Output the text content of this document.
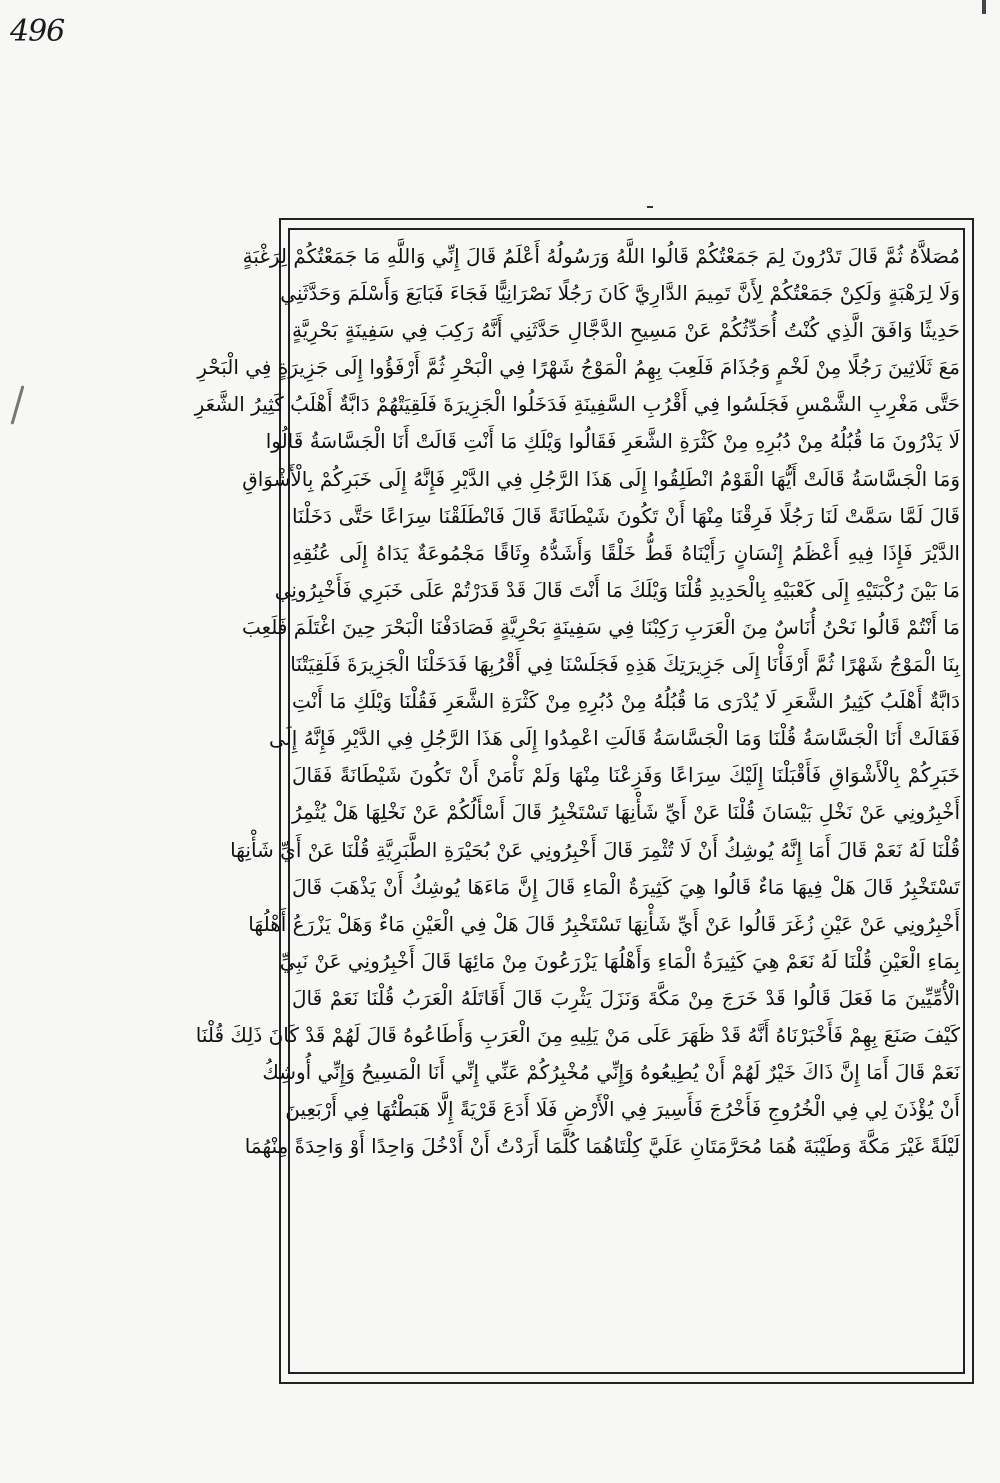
496
مُصَلاَّهُ ثُمَّ قَالَ تَدْرُونَ لِمَ جَمَعْتُكُمْ قَالُوا اللَّهُ وَرَسُولُهُ أَعْلَمُ قَالَ إِنِّي وَاللَّهِ مَا جَمَعْتُكُمْ لِرَغْبَةٍ
وَلَا لِرَهْبَةٍ وَلَكِنْ جَمَعْتُكُمْ لِأَنَّ تَمِيمَ الدَّارِيَّ كَانَ رَجُلًا نَصْرَانِيًّا فَجَاءَ فَبَايَعَ وَأَسْلَمَ وَحَدَّثَنِي
حَدِيثًا وَافَقَ الَّذِي كُنْتُ أُحَدِّثُكُمْ عَنْ مَسِيحِ الدَّجَّالِ حَدَّثَنِي أَنَّهُ رَكِبَ فِي سَفِينَةٍ بَحْرِيَّةٍ
مَعَ ثَلَاثِينَ رَجُلًا مِنْ لَخْمٍ وَجُذَامَ فَلَعِبَ بِهِمُ الْمَوْجُ شَهْرًا فِي الْبَحْرِ ثُمَّ أَرْفَؤُوا إِلَى جَزِيرَةٍ فِي الْبَحْرِ
حَتَّى مَغْرِبِ الشَّمْسِ فَجَلَسُوا فِي أَقْرُبِ السَّفِينَةِ فَدَخَلُوا الْجَزِيرَةَ فَلَقِيَتْهُمْ دَابَّةٌ أَهْلَبُ كَثِيرُ الشَّعَرِ
لَا يَدْرُونَ مَا قُبُلُهُ مِنْ دُبُرِهِ مِنْ كَثْرَةِ الشَّعَرِ فَقَالُوا وَيْلَكِ مَا أَنْتِ قَالَتْ أَنَا الْجَسَّاسَةُ قَالُوا
وَمَا الْجَسَّاسَةُ قَالَتْ أَيُّهَا الْقَوْمُ انْطَلِقُوا إِلَى هَذَا الرَّجُلِ فِي الدَّيْرِ فَإِنَّهُ إِلَى خَبَرِكُمْ بِالْأَشْوَاقِ
قَالَ لَمَّا سَمَّتْ لَنَا رَجُلًا فَرِقْنَا مِنْهَا أَنْ تَكُونَ شَيْطَانَةً قَالَ فَانْطَلَقْنَا سِرَاعًا حَتَّى دَخَلْنَا
الدَّيْرَ فَإِذَا فِيهِ أَعْظَمُ إِنْسَانٍ رَأَيْنَاهُ قَطُّ خَلْقًا وَأَشَدُّهُ وِثَاقًا مَجْمُوعَةٌ يَدَاهُ إِلَى عُنُقِهِ
مَا بَيْنَ رُكْبَتَيْهِ إِلَى كَعْبَيْهِ بِالْحَدِيدِ قُلْنَا وَيْلَكَ مَا أَنْتَ قَالَ قَدْ قَدَرْتُمْ عَلَى خَبَرِي فَأَخْبِرُونِي
مَا أَنْتُمْ قَالُوا نَحْنُ أُنَاسٌ مِنَ الْعَرَبِ رَكِبْنَا فِي سَفِينَةٍ بَحْرِيَّةٍ فَصَادَفْنَا الْبَحْرَ حِينَ اغْتَلَمَ فَلَعِبَ
بِنَا الْمَوْجُ شَهْرًا ثُمَّ أَرْفَأْنَا إِلَى جَزِيرَتِكَ هَذِهِ فَجَلَسْنَا فِي أَقْرُبِهَا فَدَخَلْنَا الْجَزِيرَةَ فَلَقِيَتْنَا
دَابَّةٌ أَهْلَبُ كَثِيرُ الشَّعَرِ لَا يُدْرَى مَا قُبُلُهُ مِنْ دُبُرِهِ مِنْ كَثْرَةِ الشَّعَرِ فَقُلْنَا وَيْلَكِ مَا أَنْتِ
فَقَالَتْ أَنَا الْجَسَّاسَةُ قُلْنَا وَمَا الْجَسَّاسَةُ قَالَتِ اعْمِدُوا إِلَى هَذَا الرَّجُلِ فِي الدَّيْرِ فَإِنَّهُ إِلَى
خَبَرِكُمْ بِالْأَشْوَاقِ فَأَقْبَلْنَا إِلَيْكَ سِرَاعًا وَفَزِعْنَا مِنْهَا وَلَمْ نَأْمَنْ أَنْ تَكُونَ شَيْطَانَةً فَقَالَ
أَخْبِرُونِي عَنْ نَخْلِ بَيْسَانَ قُلْنَا عَنْ أَيِّ شَأْنِهَا تَسْتَخْبِرُ قَالَ أَسْأَلُكُمْ عَنْ نَخْلِهَا هَلْ يُثْمِرُ
قُلْنَا لَهُ نَعَمْ قَالَ أَمَا إِنَّهُ يُوشِكُ أَنْ لَا تُثْمِرَ قَالَ أَخْبِرُونِي عَنْ بُحَيْرَةِ الطَّبَرِيَّةِ قُلْنَا عَنْ أَيِّ شَأْنِهَا
تَسْتَخْبِرُ قَالَ هَلْ فِيهَا مَاءٌ قَالُوا هِيَ كَثِيرَةُ الْمَاءِ قَالَ إِنَّ مَاءَهَا يُوشِكُ أَنْ يَذْهَبَ قَالَ
أَخْبِرُونِي عَنْ عَيْنِ زُغَرَ قَالُوا عَنْ أَيِّ شَأْنِهَا تَسْتَخْبِرُ قَالَ هَلْ فِي الْعَيْنِ مَاءٌ وَهَلْ يَزْرَعُ أَهْلُهَا
بِمَاءِ الْعَيْنِ قُلْنَا لَهُ نَعَمْ هِيَ كَثِيرَةُ الْمَاءِ وَأَهْلُهَا يَزْرَعُونَ مِنْ مَائِهَا قَالَ أَخْبِرُونِي عَنْ نَبِيِّ
الْأُمِّيِّينَ مَا فَعَلَ قَالُوا قَدْ خَرَجَ مِنْ مَكَّةَ وَنَزَلَ يَثْرِبَ قَالَ أَقَاتَلَهُ الْعَرَبُ قُلْنَا نَعَمْ قَالَ
كَيْفَ صَنَعَ بِهِمْ فَأَخْبَرْنَاهُ أَنَّهُ قَدْ ظَهَرَ عَلَى مَنْ يَلِيهِ مِنَ الْعَرَبِ وَأَطَاعُوهُ قَالَ لَهُمْ قَدْ كَانَ ذَلِكَ قُلْنَا
نَعَمْ قَالَ أَمَا إِنَّ ذَاكَ خَيْرٌ لَهُمْ أَنْ يُطِيعُوهُ وَإِنِّي مُخْبِرُكُمْ عَنِّي إِنِّي أَنَا الْمَسِيحُ وَإِنِّي أُوشِكُ
أَنْ يُؤْذَنَ لِي فِي الْخُرُوجِ فَأَخْرُجَ فَأَسِيرَ فِي الْأَرْضِ فَلَا أَدَعَ قَرْيَةً إِلَّا هَبَطْتُهَا فِي أَرْبَعِينَ
لَيْلَةً غَيْرَ مَكَّةَ وَطَيْبَةَ هُمَا مُحَرَّمَتَانِ عَلَيَّ كِلْتَاهُمَا كُلَّمَا أَرَدْتُ أَنْ أَدْخُلَ وَاحِدًا أَوْ وَاحِدَةً مِنْهُمَا
